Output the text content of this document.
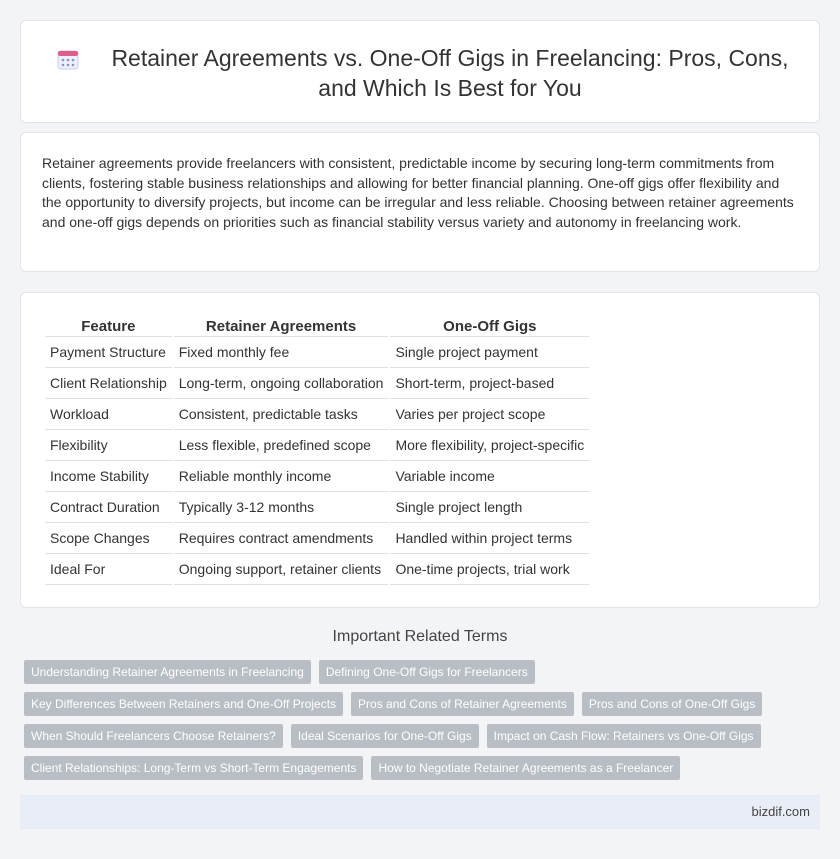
Retainer Agreements vs. One-Off Gigs in Freelancing: Pros, Cons, and Which Is Best for You

Retainer agreements provide freelancers with consistent, predictable income by securing long-term commitments from clients, fostering stable business relationships and allowing for better financial planning. One-off gigs offer flexibility and the opportunity to diversify projects, but income can be irregular and less reliable. Choosing between retainer agreements and one-off gigs depends on priorities such as financial stability versus variety and autonomy in freelancing work.

Feature	Retainer Agreements	One-Off Gigs
Payment Structure	Fixed monthly fee	Single project payment
Client Relationship	Long-term, ongoing collaboration	Short-term, project-based
Workload	Consistent, predictable tasks	Varies per project scope
Flexibility	Less flexible, predefined scope	More flexibility, project-specific
Income Stability	Reliable monthly income	Variable income
Contract Duration	Typically 3-12 months	Single project length
Scope Changes	Requires contract amendments	Handled within project terms
Ideal For	Ongoing support, retainer clients	One-time projects, trial work
Important Related Terms
Understanding Retainer Agreements in Freelancing	Defining One-Off Gigs for Freelancers
Key Differences Between Retainers and One-Off Projects	Pros and Cons of Retainer Agreements	Pros and Cons of One-Off Gigs
When Should Freelancers Choose Retainers?	Ideal Scenarios for One-Off Gigs	Impact on Cash Flow: Retainers vs One-Off Gigs
Client Relationships: Long-Term vs Short-Term Engagements	How to Negotiate Retainer Agreements as a Freelancer
bizdif.com
